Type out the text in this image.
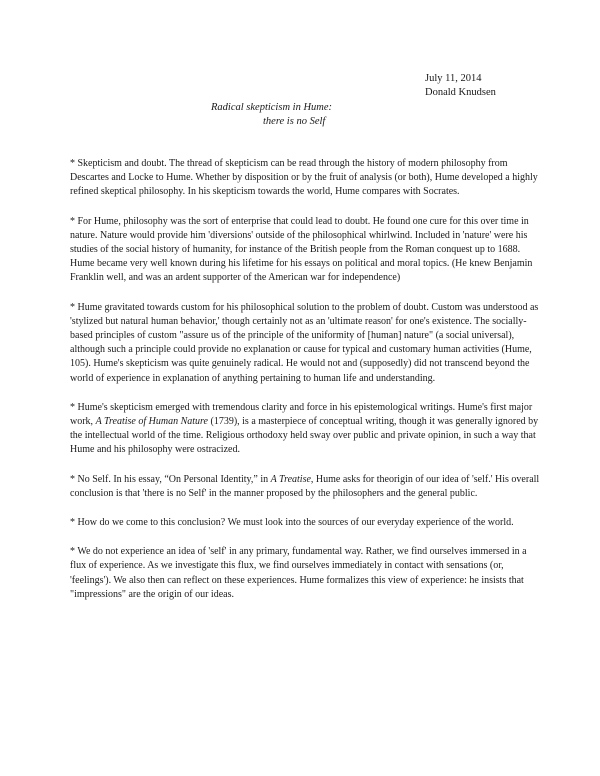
July 11, 2014
Donald Knudsen
Radical skepticism in Hume:
there is no Self

* Skepticism and doubt. The thread of skepticism can be read through the history of modern philosophy from Descartes and Locke to Hume. Whether by disposition or by the fruit of analysis (or both), Hume developed a highly refined skeptical philosophy. In his skepticism towards the world, Hume compares with Socrates.

* For Hume, philosophy was the sort of enterprise that could lead to doubt. He found one cure for this over time in nature. Nature would provide him 'diversions' outside of the philosophical whirlwind. Included in 'nature' were his studies of the social history of humanity, for instance of the British people from the Roman conquest up to 1688. Hume became very well known during his lifetime for his essays on political and moral topics. (He knew Benjamin Franklin well, and was an ardent supporter of the American war for independence)

* Hume gravitated towards custom for his philosophical solution to the problem of doubt. Custom was understood as 'stylized but natural human behavior,' though certainly not as an 'ultimate reason' for one's existence. The socially-based principles of custom "assure us of the principle of the uniformity of [human] nature" (a social universal), although such a principle could provide no explanation or cause for typical and customary human activities (Hume, 105). Hume's skepticism was quite genuinely radical. He would not and (supposedly) did not transcend beyond the world of experience in explanation of anything pertaining to human life and understanding.

* Hume's skepticism emerged with tremendous clarity and force in his epistemological writings. Hume's first major work, A Treatise of Human Nature (1739), is a masterpiece of conceptual writing, though it was generally ignored by the intellectual world of the time. Religious orthodoxy held sway over public and private opinion, in such a way that Hume and his philosophy were ostracized.

* No Self. In his essay, “On Personal Identity,” in A Treatise, Hume asks for theorigin of our idea of 'self.' His overall conclusion is that 'there is no Self' in the manner proposed by the philosophers and the general public.

* How do we come to this conclusion? We must look into the sources of our everyday experience of the world.

* We do not experience an idea of 'self' in any primary, fundamental way. Rather, we find ourselves immersed in a flux of experience. As we investigate this flux, we find ourselves immediately in contact with sensations (or, 'feelings'). We also then can reflect on these experiences. Hume formalizes this view of experience: he insists that "impressions" are the origin of our ideas.
